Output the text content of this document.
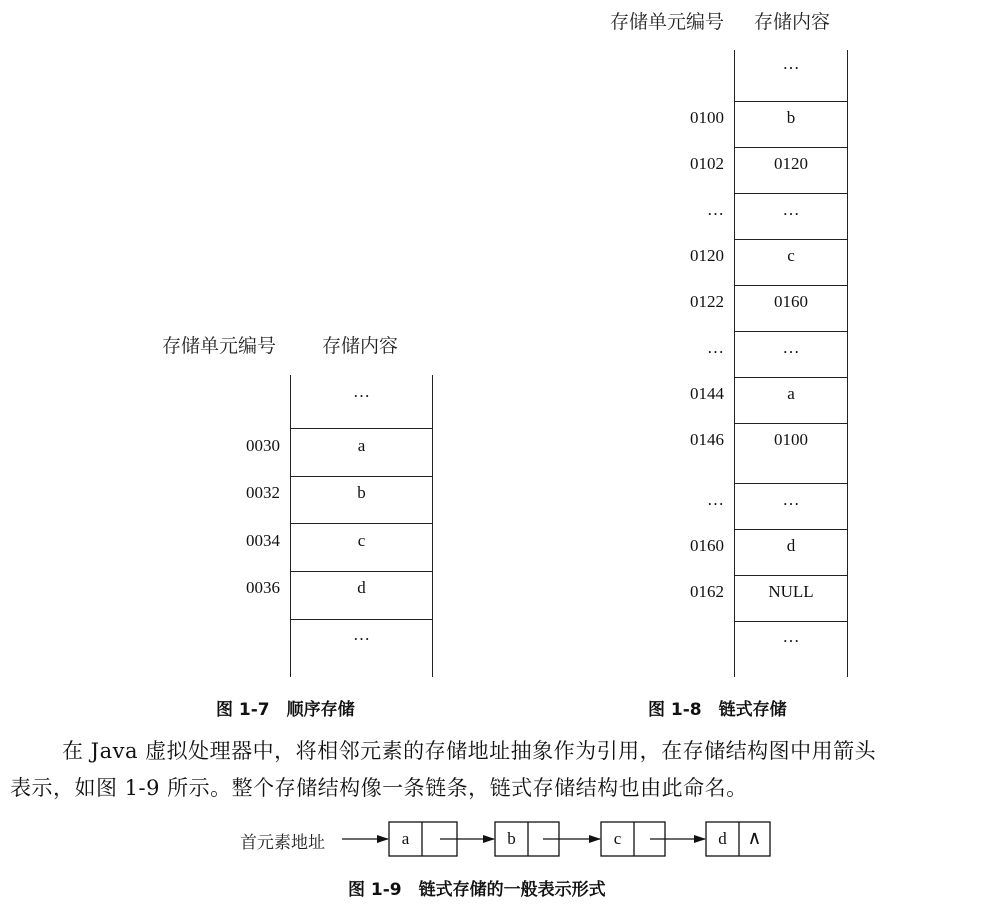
存储单元编号 存储内容
…
0030	a
0032	b
0034	c
0036	d
…
图 1-7　顺序存储
存储单元编号 存储内容
…
0100	b
0102	0120
…	…
0120	c
0122	0160
…	…
0144	a
0146	0100
…	…
0160	d
0162	NULL
…
图 1-8　链式存储
在 Java 虚拟处理器中，将相邻元素的存储地址抽象作为引用，在存储结构图中用箭头
表示，如图 1-9 所示。整个存储结构像一条链条，链式存储结构也由此命名。
首元素地址	a	b	c	d	∧
图 1-9　链式存储的一般表示形式
